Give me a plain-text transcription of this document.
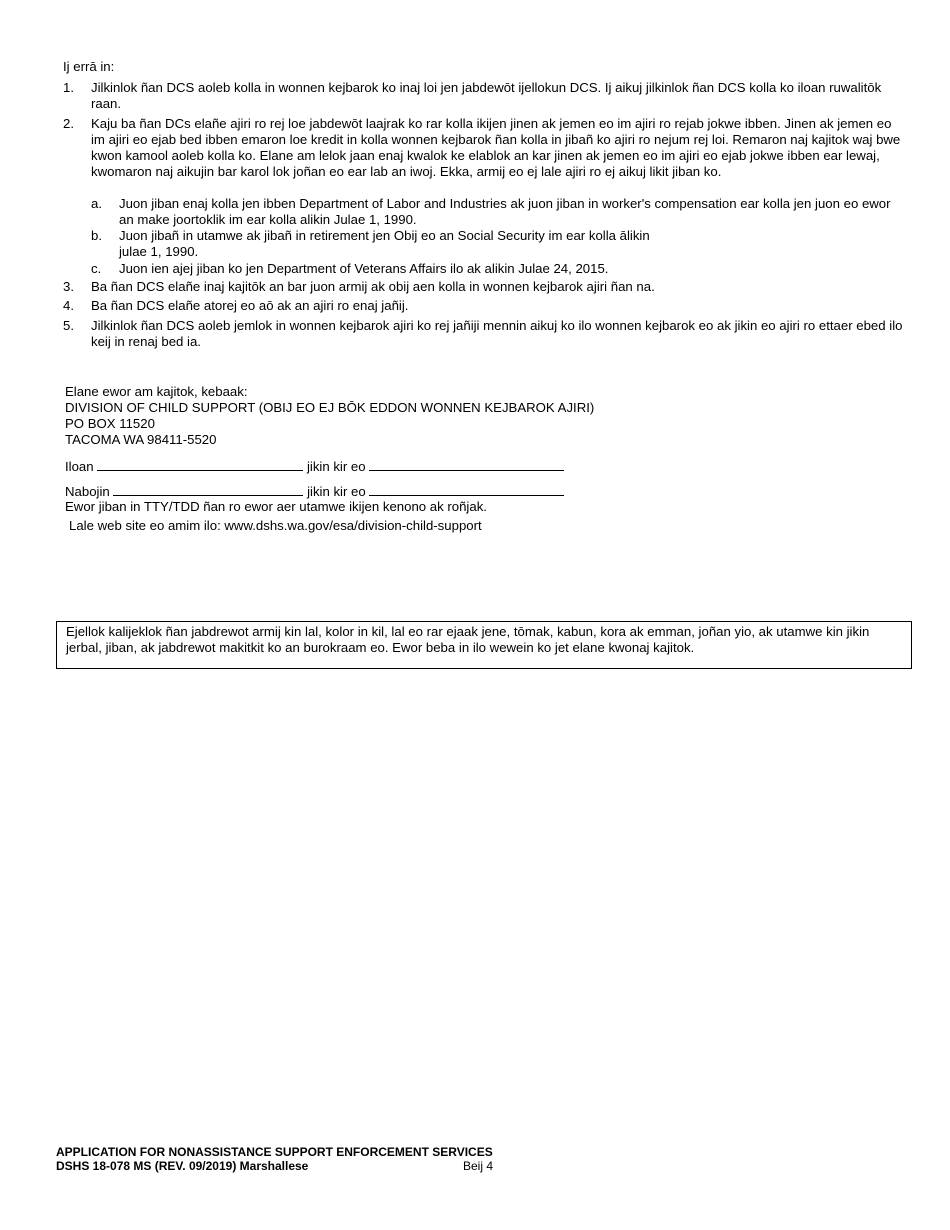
Ij errā in:
1.	Jilkinlok ñan DCS aoleb kolla in wonnen kejbarok ko inaj loi jen jabdewōt ijellokun DCS. Ij aikuj jilkinlok ñan DCS kolla ko iloan ruwalitōk raan.
2.	Kaju ba ñan DCs elañe ajiri ro rej loe jabdewōt laajrak ko rar kolla ikijen jinen ak jemen eo im ajiri ro rejab jokwe ibben. Jinen ak jemen eo im ajiri eo ejab bed ibben emaron loe kredit in kolla wonnen kejbarok ñan kolla in jibañ ko ajiri ro nejum rej loi. Remaron naj kajitok waj bwe kwon kamool aoleb kolla ko. Elane am lelok jaan enaj kwalok ke elablok an kar jinen ak jemen eo im ajiri eo ejab jokwe ibben ear lewaj, kwomaron naj aikujin bar karol lok joñan eo ear lab an iwoj. Ekka, armij eo ej lale ajiri ro ej aikuj likit jiban ko.
a.	Juon jiban enaj kolla jen ibben Department of Labor and Industries ak juon jiban in worker's compensation ear kolla jen juon eo ewor an make joortoklik im ear kolla alikin Julae 1, 1990.
b.	Juon jibañ in utamwe ak jibañ in retirement jen Obij eo an Social Security im ear kolla ālikin
julae 1, 1990.
c.	Juon ien ajej jiban ko jen Department of Veterans Affairs ilo ak alikin Julae 24, 2015.
3.	Ba ñan DCS elañe inaj kajitōk an bar juon armij ak obij aen kolla in wonnen kejbarok ajiri ñan na.
4.	Ba ñan DCS elañe atorej eo aō ak an ajiri ro enaj jañij.
5.	Jilkinlok ñan DCS aoleb jemlok in wonnen kejbarok ajiri ko rej jañiji mennin aikuj ko ilo wonnen kejbarok eo ak jikin eo ajiri ro ettaer ebed ilo keij in renaj bed ia.
Elane ewor am kajitok, kebaak:
DIVISION OF CHILD SUPPORT (OBIJ EO EJ BŌK EDDON WONNEN KEJBAROK AJIRI)
PO BOX 11520
TACOMA WA 98411-5520
Iloan	jikin kir eo
Nabojin	jikin kir eo
Ewor jiban in TTY/TDD ñan ro ewor aer utamwe ikijen kenono ak roñjak.
Lale web site eo amim ilo: www.dshs.wa.gov/esa/division-child-support
Ejellok kalijeklok ñan jabdrewot armij kin lal, kolor in kil, lal eo rar ejaak jene, tōmak, kabun, kora ak emman, joñan yio, ak utamwe kin jikin jerbal, jiban, ak jabdrewot makitkit ko an burokraam eo. Ewor beba in ilo wewein ko jet elane kwonaj kajitok.
APPLICATION FOR NONASSISTANCE SUPPORT ENFORCEMENT SERVICES
DSHS 18-078 MS (REV. 09/2019) Marshallese	Beij 4
